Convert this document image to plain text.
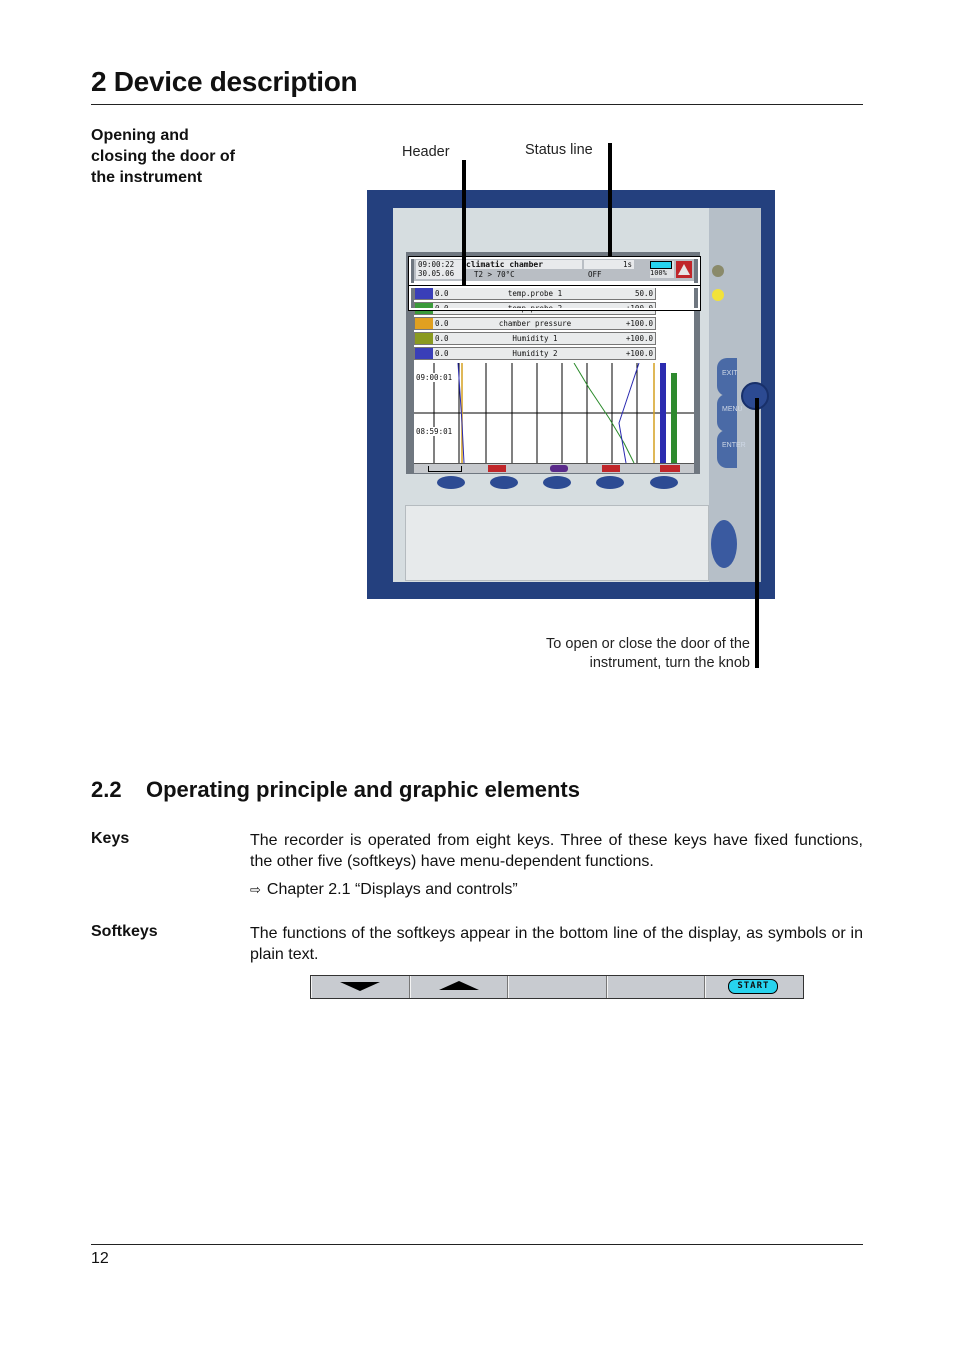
2 Device description
Opening and closing the door of the instrument
Header	Status line
09:00:22
30.05.06
climatic chamber	1s
T2 > 70°C	OFF	100%
0.0	temp.probe 1	50.0
0.0	temp.probe 2	+100.0
0.0	chamber pressure	+100.0
0.0	Humidity 1	+100.0
0.0	Humidity 2	+100.0
09:00:01
08:59:01
EXIT
MENU
ENTER
To open or close the door of the
instrument, turn the knob
2.2 Operating principle and graphic elements
Keys	The recorder is operated from eight keys. Three of these keys have fixed functions, the other five (softkeys) have menu-dependent functions.
⇨ Chapter 2.1 “Displays and controls”
Softkeys	The functions of the softkeys appear in the bottom line of the display, as symbols or in plain text.
START
12
